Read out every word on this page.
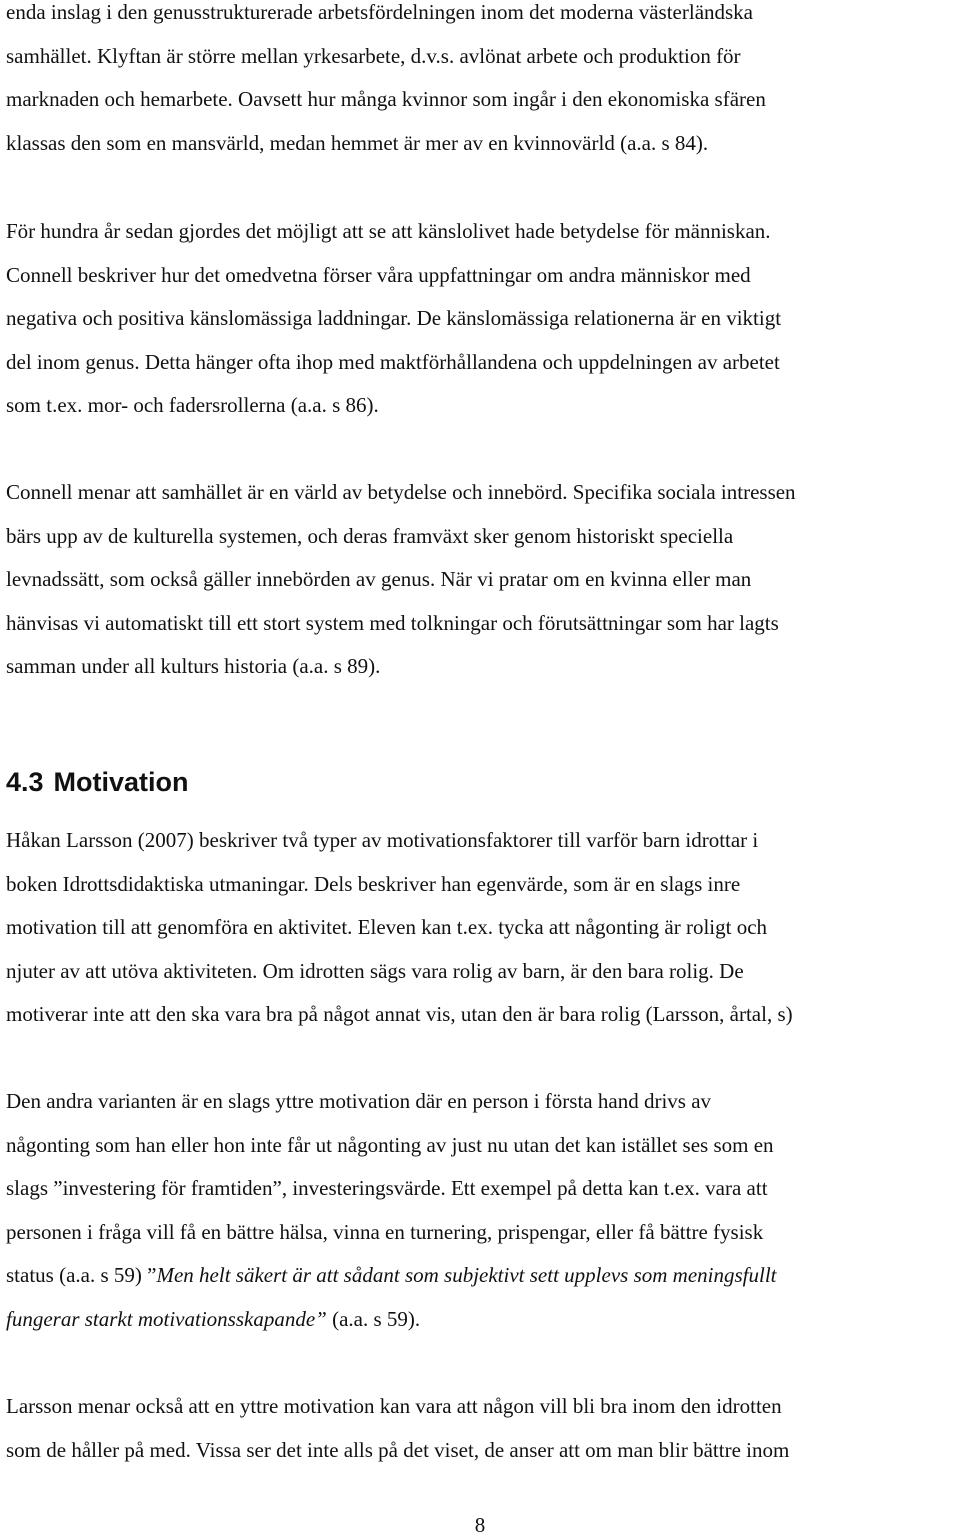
enda inslag i den genusstrukturerade arbetsfördelningen inom det moderna västerländska
samhället. Klyftan är större mellan yrkesarbete, d.v.s. avlönat arbete och produktion för
marknaden och hemarbete. Oavsett hur många kvinnor som ingår i den ekonomiska sfären
klassas den som en mansvärld, medan hemmet är mer av en kvinnovärld (a.a. s 84).

För hundra år sedan gjordes det möjligt att se att känslolivet hade betydelse för människan.
Connell beskriver hur det omedvetna förser våra uppfattningar om andra människor med
negativa och positiva känslomässiga laddningar. De känslomässiga relationerna är en viktigt
del inom genus. Detta hänger ofta ihop med maktförhållandena och uppdelningen av arbetet
som t.ex. mor- och fadersrollerna (a.a. s 86).

Connell menar att samhället är en värld av betydelse och innebörd. Specifika sociala intressen
bärs upp av de kulturella systemen, och deras framväxt sker genom historiskt speciella
levnadssätt, som också gäller innebörden av genus. När vi pratar om en kvinna eller man
hänvisas vi automatiskt till ett stort system med tolkningar och förutsättningar som har lagts
samman under all kulturs historia (a.a. s 89).

4.3 Motivation

Håkan Larsson (2007) beskriver två typer av motivationsfaktorer till varför barn idrottar i
boken Idrottsdidaktiska utmaningar. Dels beskriver han egenvärde, som är en slags inre
motivation till att genomföra en aktivitet. Eleven kan t.ex. tycka att någonting är roligt och
njuter av att utöva aktiviteten. Om idrotten sägs vara rolig av barn, är den bara rolig. De
motiverar inte att den ska vara bra på något annat vis, utan den är bara rolig (Larsson, årtal, s)

Den andra varianten är en slags yttre motivation där en person i första hand drivs av
någonting som han eller hon inte får ut någonting av just nu utan det kan istället ses som en
slags ”investering för framtiden”, investeringsvärde. Ett exempel på detta kan t.ex. vara att
personen i fråga vill få en bättre hälsa, vinna en turnering, prispengar, eller få bättre fysisk
status (a.a. s 59) ”Men helt säkert är att sådant som subjektivt sett upplevs som meningsfullt
fungerar starkt motivationsskapande” (a.a. s 59).

Larsson menar också att en yttre motivation kan vara att någon vill bli bra inom den idrotten
som de håller på med. Vissa ser det inte alls på det viset, de anser att om man blir bättre inom

8
